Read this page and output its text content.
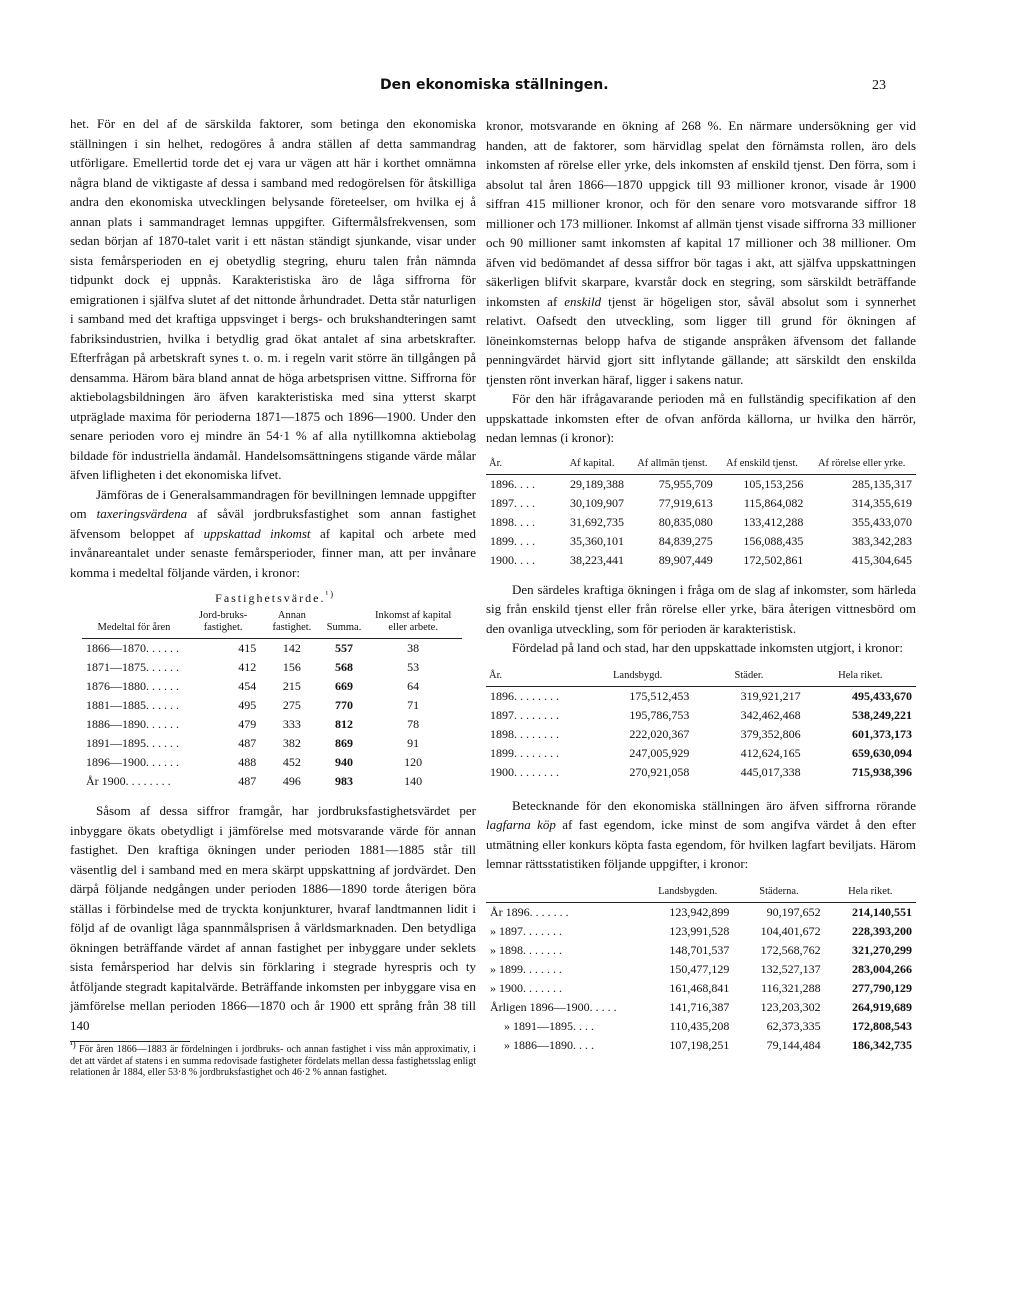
Den ekonomiska ställningen.	23

het. För en del af de särskilda faktorer, som betinga den ekonomiska ställningen i sin helhet, redogöres å andra ställen af detta sammandrag utförligare. Emellertid torde det ej vara ur vägen att här i korthet omnämna några bland de viktigaste af dessa i samband med redogörelsen för åtskilliga andra den ekonomiska utvecklingen belysande företeelser, om hvilka ej å annan plats i sammandraget lemnas uppgifter. Giftermålsfrekvensen, som sedan början af 1870-talet varit i ett nästan ständigt sjunkande, visar under sista femårsperioden en ej obetydlig stegring, ehuru talen från nämnda tidpunkt dock ej uppnås. Karakteristiska äro de låga siffrorna för emigrationen i själfva slutet af det nittonde århundradet. Detta står naturligen i samband med det kraftiga uppsvinget i bergs- och brukshandteringen samt fabriksindustrien, hvilka i betydlig grad ökat antalet af sina arbetskrafter. Efterfrågan på arbetskraft synes t. o. m. i regeln varit större än tillgången på densamma. Härom bära bland annat de höga arbetsprisen vittne. Siffrorna för aktiebolagsbildningen äro äfven karakteristiska med sina ytterst skarpt utpräglade maxima för perioderna 1871—1875 och 1896—1900. Under den senare perioden voro ej mindre än 54·1 % af alla nytillkomna aktiebolag bildade för industriella ändamål. Handelsomsättningens stigande värde målar äfven lifligheten i det ekonomiska lifvet.

Jämföras de i Generalsammandragen för bevillningen lemnade uppgifter om taxeringsvärdena af såväl jordbruksfastighet som annan fastighet äfvensom beloppet af uppskattad inkomst af kapital och arbete med invånareantalet under senaste femårsperioder, finner man, att per invånare komma i medeltal följande värden, i kronor:

Medeltal för åren	Fastighetsvärde.$^{^1)}$			Inkomst af kapital eller arbete.
	Jord-bruks-fastighet.	Annan fastighet.	Summa.	
1866—1870......	415	142	557	38
1871—1875......	412	156	568	53
1876—1880......	454	215	669	64
1881—1885......	495	275	770	71
1886—1890......	479	333	812	78
1891—1895......	487	382	869	91
1896—1900......	488	452	940	120
År 1900........	487	496	983	140

Såsom af dessa siffror framgår, har jordbruksfastighetsvärdet per inbyggare ökats obetydligt i jämförelse med motsvarande värde för annan fastighet. Den kraftiga ökningen under perioden 1881—1885 står till väsentlig del i samband med en mera skärpt uppskattning af jordvärdet. Den därpå följande nedgången under perioden 1886—1890 torde återigen böra ställas i förbindelse med de tryckta konjunkturer, hvaraf landtmannen lidit i följd af de ovanligt låga spannmålsprisen å världsmarknaden. Den betydliga ökningen beträffande värdet af annan fastighet per inbyggare under seklets sista femårsperiod har delvis sin förklaring i stegrade hyrespris och ty åtföljande stegradt kapitalvärde. Beträffande inkomsten per inbyggare visa en jämförelse mellan perioden 1866—1870 och år 1900 ett språng från 38 till 140

¹) För åren 1866—1883 är fördelningen i jordbruks- och annan fastighet i viss mån approximativ, i det att värdet af statens i en summa redovisade fastigheter fördelats mellan dessa fastighetsslag enligt relationen år 1884, eller 53·8 % jordbruksfastighet och 46·2 % annan fastighet.

kronor, motsvarande en ökning af 268 %. En närmare undersökning ger vid handen, att de faktorer, som härvidlag spelat den förnämsta rollen, äro dels inkomsten af rörelse eller yrke, dels inkomsten af enskild tjenst. Den förra, som i absolut tal åren 1866—1870 uppgick till 93 millioner kronor, visade år 1900 siffran 415 millioner kronor, och för den senare voro motsvarande siffror 18 millioner och 173 millioner. Inkomst af allmän tjenst visade siffrorna 33 millioner och 90 millioner samt inkomsten af kapital 17 millioner och 38 millioner. Om äfven vid bedömandet af dessa siffror bör tagas i akt, att själfva uppskattningen säkerligen blifvit skarpare, kvarstår dock en stegring, som särskildt beträffande inkomsten af enskild tjenst är högeligen stor, såväl absolut som i synnerhet relativt. Oafsedt den utveckling, som ligger till grund för ökningen af löneinkomsternas belopp hafva de stigande anspråken äfvensom det fallande penningvärdet härvid gjort sitt inflytande gällande; att särskildt den enskilda tjensten rönt inverkan häraf, ligger i sakens natur.

För den här ifrågavarande perioden må en fullständig specifikation af den uppskattade inkomsten efter de ofvan anförda källorna, ur hvilka den härrör, nedan lemnas (i kronor):

År.	Af kapital.	Af allmän tjenst.	Af enskild tjenst.	Af rörelse eller yrke.
1896....	29,189,388	75,955,709	105,153,256	285,135,317
1897....	30,109,907	77,919,613	115,864,082	314,355,619
1898....	31,692,735	80,835,080	133,412,288	355,433,070
1899....	35,360,101	84,839,275	156,088,435	383,342,283
1900....	38,223,441	89,907,449	172,502,861	415,304,645

Den särdeles kraftiga ökningen i fråga om de slag af inkomster, som härleda sig från enskild tjenst eller från rörelse eller yrke, bära återigen vittnesbörd om den ovanliga utveckling, som för perioden är karakteristisk.

Fördelad på land och stad, har den uppskattade inkomsten utgjort, i kronor:

År.	Landsbygd.	Städer.	Hela riket.
1896........	175,512,453	319,921,217	495,433,670
1897........	195,786,753	342,462,468	538,249,221
1898........	222,020,367	379,352,806	601,373,173
1899........	247,005,929	412,624,165	659,630,094
1900........	270,921,058	445,017,338	715,938,396

Betecknande för den ekonomiska ställningen äro äfven siffrorna rörande lagfarna köp af fast egendom, icke minst de som angifva värdet å den efter utmätning eller konkurs köpta fasta egendom, för hvilken lagfart beviljats. Härom lemnar rättsstatistiken följande uppgifter, i kronor:

	Landsbygden.	Städerna.	Hela riket.
År 1896.......	123,942,899	90,197,652	214,140,551
» 1897.......	123,991,528	104,401,672	228,393,200
» 1898.......	148,701,537	172,568,762	321,270,299
» 1899.......	150,477,129	132,527,137	283,004,266
» 1900.......	161,468,841	116,321,288	277,790,129
Årligen 1896—1900.....	141,716,387	123,203,302	264,919,689
» 1891—1895....	110,435,208	62,373,335	172,808,543
» 1886—1890....	107,198,251	79,144,484	186,342,735
